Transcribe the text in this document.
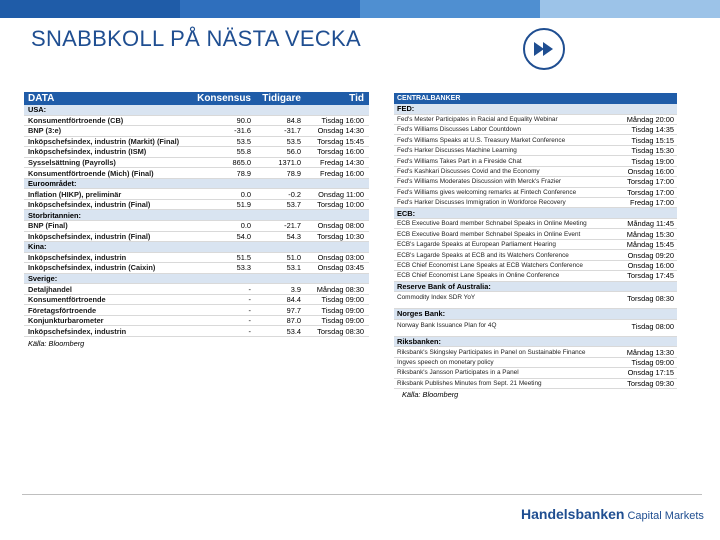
SNABBKOLL PÅ NÄSTA VECKA
DATA	Konsensus	Tidigare	Tid
USA:
Konsumentförtroende (CB)	90.0	84.8	Tisdag 16:00
BNP (3:e)	-31.6	-31.7	Onsdag 14:30
Inköpschefsindex, industrin (Markit) (Final)	53.5	53.5	Torsdag 15:45
Inköpschefsindex, industrin (ISM)	55.8	56.0	Torsdag 16:00
Sysselsättning (Payrolls)	865.0	1371.0	Fredag 14:30
Konsumentförtroende (Mich) (Final)	78.9	78.9	Fredag 16:00
Euroområdet:
Inflation (HIKP), preliminär	0.0	-0.2	Onsdag 11:00
Inköpschefsindex, industrin (Final)	51.9	53.7	Torsdag 10:00
Storbritannien:
BNP (Final)	0.0	-21.7	Onsdag 08:00
Inköpschefsindex, industrin (Final)	54.0	54.3	Torsdag 10:30
Kina:
Inköpschefsindex, industrin	51.5	51.0	Onsdag 03:00
Inköpschefsindex, industrin (Caixin)	53.3	53.1	Onsdag 03:45
Sverige:
Detaljhandel	-	3.9	Måndag 08:30
Konsumentförtroende	-	84.4	Tisdag 09:00
Företagsförtroende	-	97.7	Tisdag 09:00
Konjunkturbarometer	-	87.0	Tisdag 09:00
Inköpschefsindex, industrin	-	53.4	Torsdag 08:30
Källa: Bloomberg
CENTRALBANKER
FED:
Fed's Mester Participates in Racial and Equality Webinar	Måndag 20:00
Fed's Williams Discusses Labor Countdown	Tisdag 14:35
Fed's Williams Speaks at U.S. Treasury Market Conference	Tisdag 15:15
Fed's Harker Discusses Machine Learning	Tisdag 15:30
Fed's Williams Takes Part in a Fireside Chat	Tisdag 19:00
Fed's Kashkari Discusses Covid and the Economy	Onsdag 16:00
Fed's Williams Moderates Discussion with Merck's Frazier	Torsdag 17:00
Fed's Williams gives welcoming remarks at Fintech Conference	Torsdag 17:00
Fed's Harker Discusses Immigration in Workforce Recovery	Fredag 17:00
ECB:
ECB Executive Board member Schnabel Speaks in Online Meeting	Måndag 11:45
ECB Executive Board member Schnabel Speaks in Online Event	Måndag 15:30
ECB's Lagarde Speaks at European Parliament Hearing	Måndag 15:45
ECB's Lagarde Speaks at ECB and its Watchers Conference	Onsdag 09:20
ECB Chief Economist Lane Speaks at ECB Watchers Conference	Onsdag 16:00
ECB Chief Economist Lane Speaks in Online Conference	Torsdag 17:45
Reserve Bank of Australia:
Commodity Index SDR YoY	Torsdag 08:30
Norges Bank:
Norway Bank Issuance Plan for 4Q	Tisdag 08:00
Riksbanken:
Riksbank's Skingsley Participates in Panel on Sustainable Finance	Måndag 13:30
Ingves speech on monetary policy	Tisdag 09:00
Riksbank's Jansson Participates in a Panel	Onsdag 17:15
Riksbank Publishes Minutes from Sept. 21 Meeting	Torsdag 09:30
Källa: Bloomberg
Handelsbanken Capital Markets
